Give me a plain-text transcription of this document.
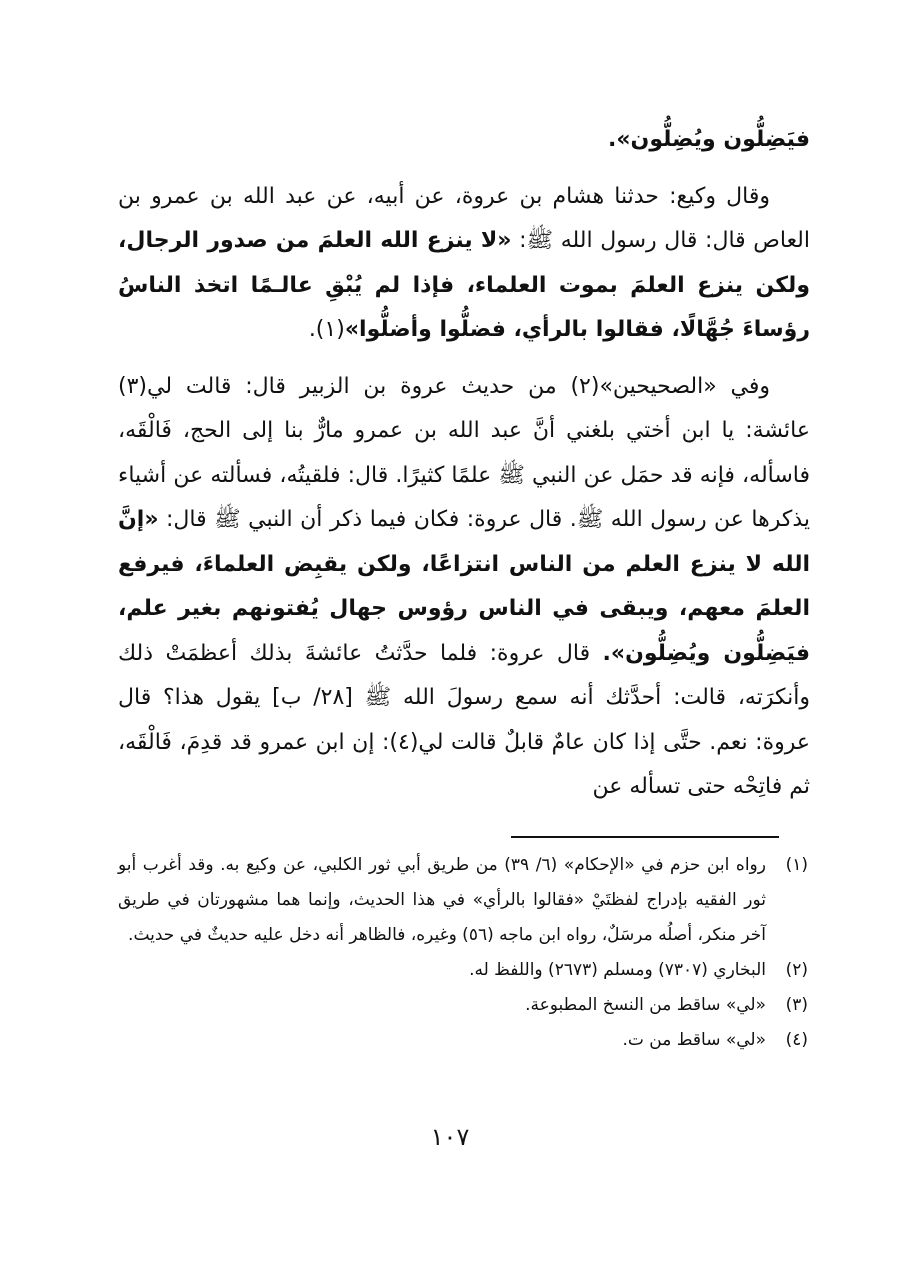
فيَضِلُّون ويُضِلُّون».

وقال وكيع: حدثنا هشام بن عروة، عن أبيه، عن عبد الله بن عمرو بن العاص قال: قال رسول الله ﷺ: «لا ينزع الله العلمَ من صدور الرجال، ولكن ينزع العلمَ بموت العلماء، فإذا لم يُبْقِ عالـمًا اتخذ الناسُ رؤساءَ جُهَّالًا، فقالوا بالرأي، فضلُّوا وأضلُّوا»(١).

وفي «الصحيحين»(٢) من حديث عروة بن الزبير قال: قالت لي(٣) عائشة: يا ابن أختي بلغني أنَّ عبد الله بن عمرو مارٌّ بنا إلى الحج، فَالْقَه، فاسأله، فإنه قد حمَل عن النبي ﷺ علمًا كثيرًا. قال: فلقيتُه، فسألته عن أشياء يذكرها عن رسول الله ﷺ. قال عروة: فكان فيما ذكر أن النبي ﷺ قال: «إنَّ الله لا ينزع العلم من الناس انتزاعًا، ولكن يقبِض العلماءَ، فيرفع العلمَ معهم، ويبقى في الناس رؤوس جهال يُفتونهم بغير علم، فيَضِلُّون ويُضِلُّون». قال عروة: فلما حدَّثتُ عائشةَ بذلك أعظمَتْ ذلك وأنكرَته، قالت: أحدَّثك أنه سمع رسولَ الله ﷺ [٢٨/ ب] يقول هذا؟ قال عروة: نعم. حتَّى إذا كان عامٌ قابلٌ قالت لي(٤): إن ابن عمرو قد قدِمَ، فَالْقَه، ثم فاتِحْه حتى تسأله عن

(١)
رواه ابن حزم في «الإحكام» (٦/ ٣٩) من طريق أبي ثور الكلبي، عن وكيع به. وقد أغرب أبو ثور الفقيه بإدراج لفظتَيْ «فقالوا بالرأي» في هذا الحديث، وإنما هما مشهورتان في طريق آخر منكر، أصلُه مرسَلٌ، رواه ابن ماجه (٥٦) وغيره، فالظاهر أنه دخل عليه حديثٌ في حديث.
(٢)
البخاري (٧٣٠٧) ومسلم (٢٦٧٣) واللفظ له.
(٣)
«لي» ساقط من النسخ المطبوعة.
(٤)
«لي» ساقط من ت.
١٠٧
